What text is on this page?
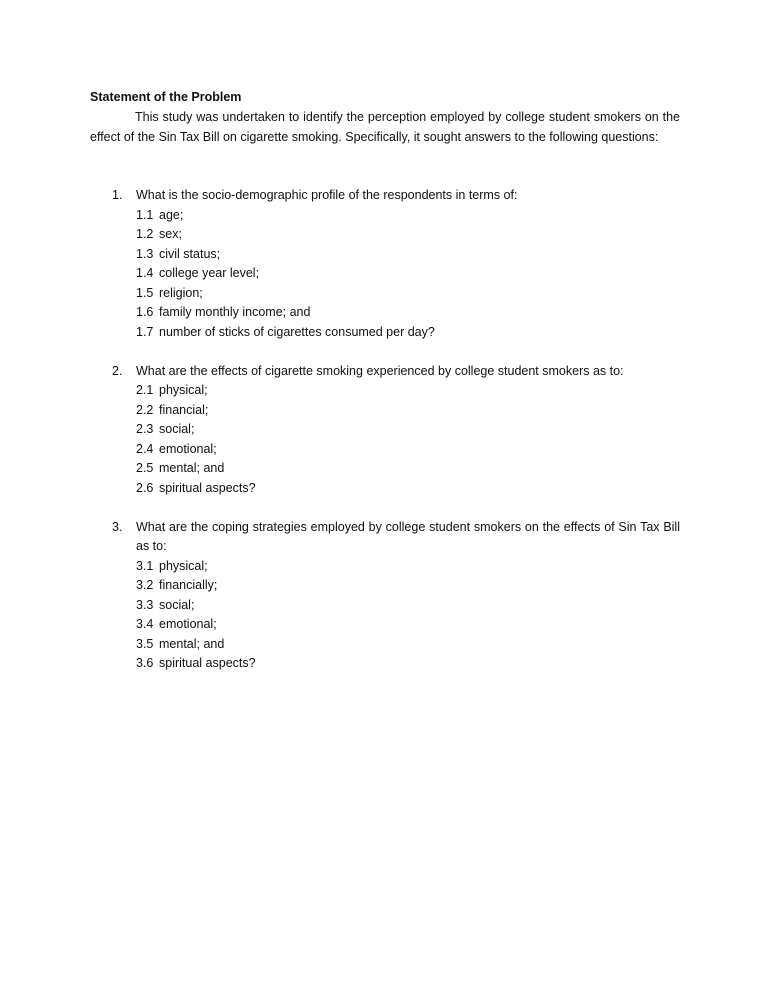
Statement of the Problem

This study was undertaken to identify the perception employed by college student smokers on the effect of the Sin Tax Bill on cigarette smoking. Specifically, it sought answers to the following questions:

1. What is the socio-demographic profile of the respondents in terms of:

1.1 age;
1.2 sex;
1.3 civil status;
1.4 college year level;
1.5 religion;
1.6 family monthly income; and
1.7 number of sticks of cigarettes consumed per day?
2. What are the effects of cigarette smoking experienced by college student smokers as to:

2.1 physical;
2.2 financial;
2.3 social;
2.4 emotional;
2.5 mental; and
2.6 spiritual aspects?
3. What are the coping strategies employed by college student smokers on the effects of Sin Tax Bill as to:

3.1 physical;
3.2 financially;
3.3 social;
3.4 emotional;
3.5 mental; and
3.6 spiritual aspects?
